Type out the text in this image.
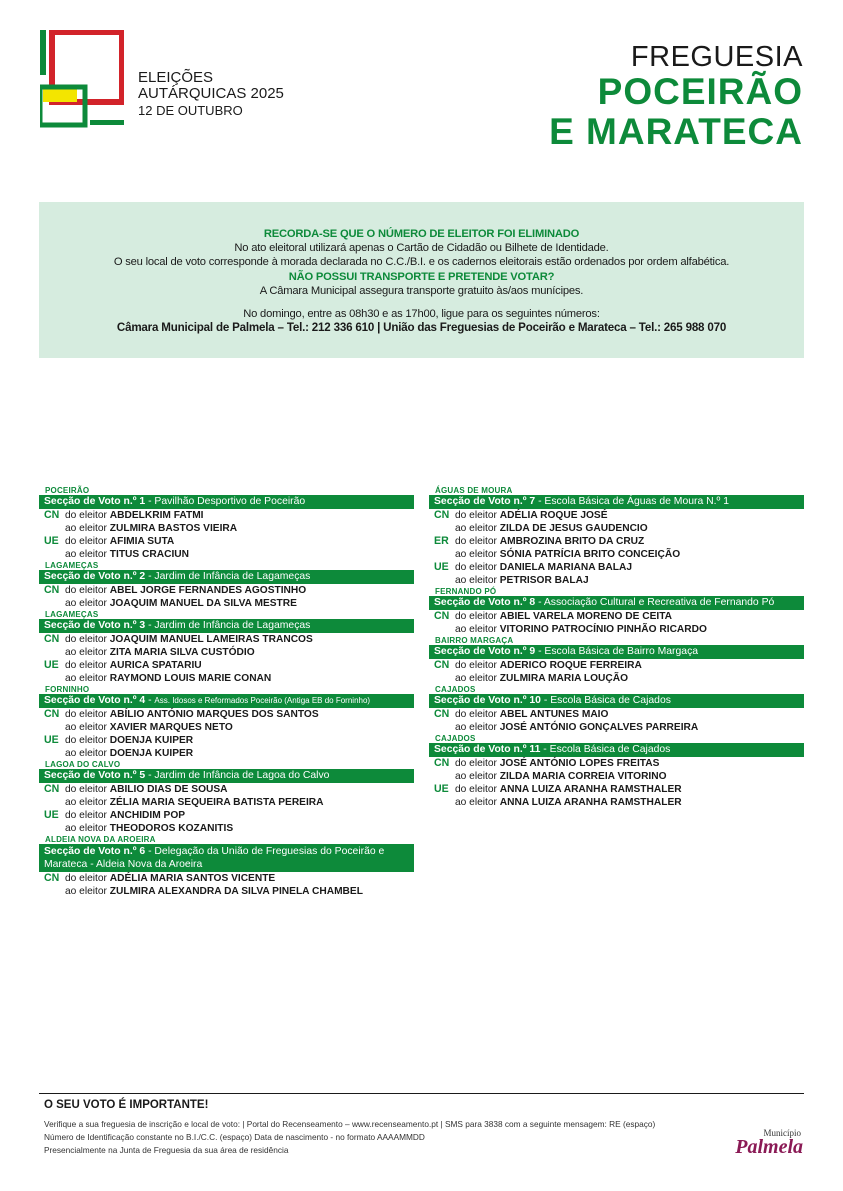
ELEIÇÕES
AUTÁRQUICAS 2025
12 DE OUTUBRO
FREGUESIA
POCEIRÃO
E MARATECA
RECORDA-SE QUE O NÚMERO DE ELEITOR FOI ELIMINADO
No ato eleitoral utilizará apenas o Cartão de Cidadão ou Bilhete de Identidade.
O seu local de voto corresponde à morada declarada no C.C./B.I. e os cadernos eleitorais estão ordenados por ordem alfabética.
NÃO POSSUI TRANSPORTE E PRETENDE VOTAR?
A Câmara Municipal assegura transporte gratuito às/aos munícipes.
No domingo, entre as 08h30 e as 17h00, ligue para os seguintes números:
Câmara Municipal de Palmela – Tel.: 212 336 610 | União das Freguesias de Poceirão e Marateca – Tel.: 265 988 070
POCEIRÃO
Secção de Voto n.º 1 - Pavilhão Desportivo de Poceirão
CN do eleitor ABDELKRIM FATMI
ao eleitor ZULMIRA BASTOS VIEIRA
UE do eleitor AFIMIA SUTA
ao eleitor TITUS CRACIUN
LAGAMEÇAS
Secção de Voto n.º 2 - Jardim de Infância de Lagameças
CN do eleitor ABEL JORGE FERNANDES AGOSTINHO
ao eleitor JOAQUIM MANUEL DA SILVA MESTRE
LAGAMEÇAS
Secção de Voto n.º 3 - Jardim de Infância de Lagameças
CN do eleitor JOAQUIM MANUEL LAMEIRAS TRANCOS
ao eleitor ZITA MARIA SILVA CUSTÓDIO
UE do eleitor AURICA SPATARIU
ao eleitor RAYMOND LOUIS MARIE CONAN
FORNINHO
Secção de Voto n.º 4 - Ass. Idosos e Reformados Poceirão (Antiga EB do Forninho)
CN do eleitor ABÍLIO ANTÓNIO MARQUES DOS SANTOS
ao eleitor XAVIER MARQUES NETO
UE do eleitor DOENJA KUIPER
ao eleitor DOENJA KUIPER
LAGOA DO CALVO
Secção de Voto n.º 5 - Jardim de Infância de Lagoa do Calvo
CN do eleitor ABILIO DIAS DE SOUSA
ao eleitor ZÉLIA MARIA SEQUEIRA BATISTA PEREIRA
UE do eleitor ANCHIDIM POP
ao eleitor THEODOROS KOZANITIS
ALDEIA NOVA DA AROEIRA
Secção de Voto n.º 6 - Delegação da União de Freguesias do Poceirão e Marateca - Aldeia Nova da Aroeira
CN do eleitor ADÉLIA MARIA SANTOS VICENTE
ao eleitor ZULMIRA ALEXANDRA DA SILVA PINELA CHAMBEL
ÁGUAS DE MOURA
Secção de Voto n.º 7 - Escola Básica de Águas de Moura N.º 1
CN do eleitor ADÉLIA ROQUE JOSÉ
ao eleitor ZILDA DE JESUS GAUDENCIO
ER do eleitor AMBROZINA BRITO DA CRUZ
ao eleitor SÓNIA PATRÍCIA BRITO CONCEIÇÃO
UE do eleitor DANIELA MARIANA BALAJ
ao eleitor PETRISOR BALAJ
FERNANDO PÓ
Secção de Voto n.º 8 - Associação Cultural e Recreativa de Fernando Pó
CN do eleitor ABIEL VARELA MORENO DE CEITA
ao eleitor VITORINO PATROCÍNIO PINHÃO RICARDO
BAIRRO MARGAÇA
Secção de Voto n.º 9 - Escola Básica de Bairro Margaça
CN do eleitor ADERICO ROQUE FERREIRA
ao eleitor ZULMIRA MARIA LOUÇÃO
CAJADOS
Secção de Voto n.º 10 - Escola Básica de Cajados
CN do eleitor ABEL ANTUNES MAIO
ao eleitor JOSÉ ANTÓNIO GONÇALVES PARREIRA
CAJADOS
Secção de Voto n.º 11 - Escola Básica de Cajados
CN do eleitor JOSÉ ANTÓNIO LOPES FREITAS
ao eleitor ZILDA MARIA CORREIA VITORINO
UE do eleitor ANNA LUIZA ARANHA RAMSTHALER
ao eleitor ANNA LUIZA ARANHA RAMSTHALER
O SEU VOTO É IMPORTANTE!
Verifique a sua freguesia de inscrição e local de voto: | Portal do Recenseamento – www.recenseamento.pt | SMS para 3838 com a seguinte mensagem: RE (espaço)
Número de Identificação constante no B.I./C.C. (espaço) Data de nascimento - no formato AAAAMMDD
Presencialmente na Junta de Freguesia da sua área de residência
Município
Palmela
